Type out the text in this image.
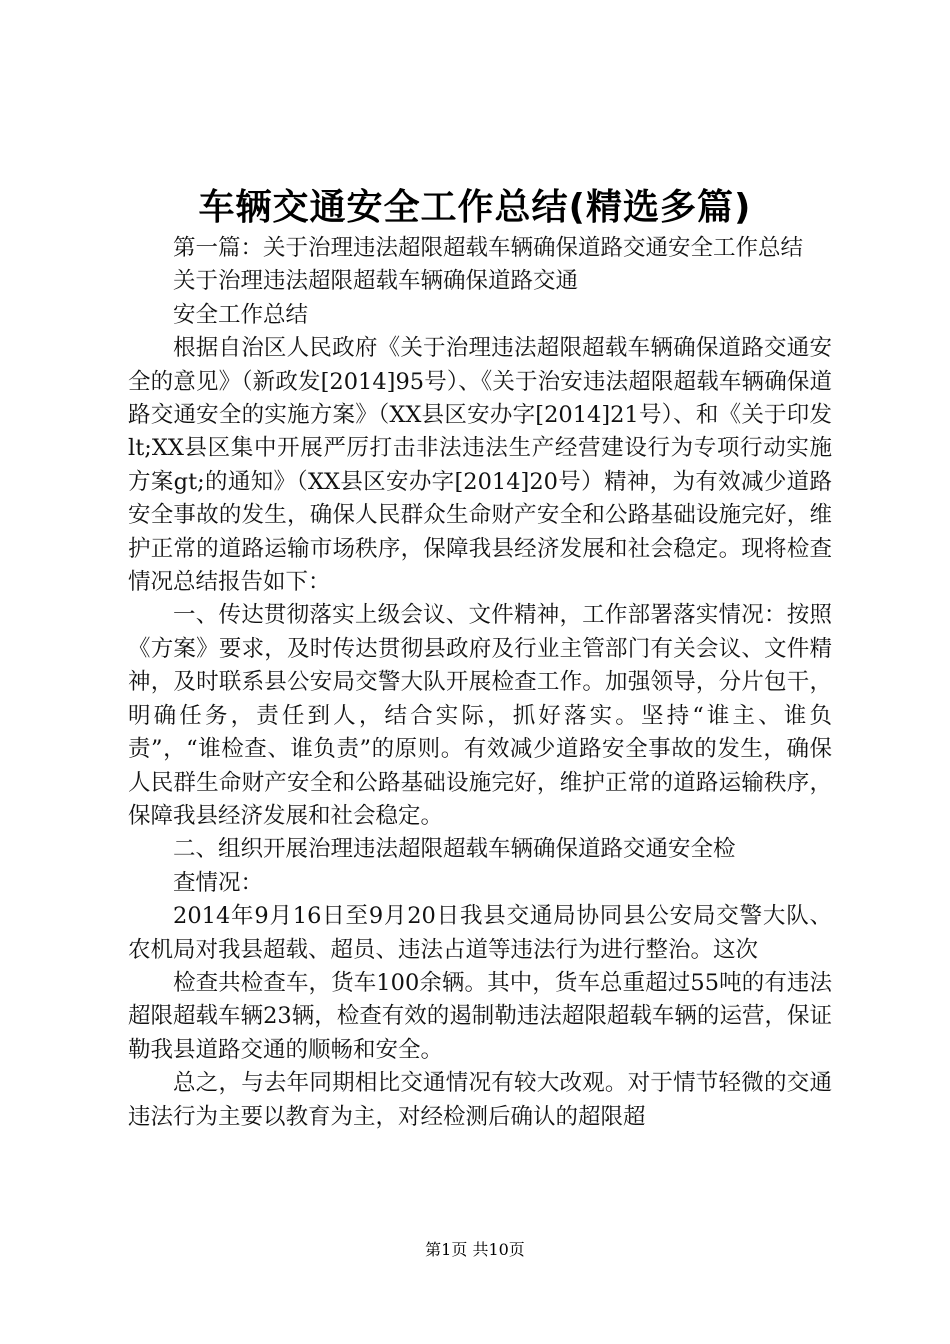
车辆交通安全工作总结(精选多篇)

第一篇：关于治理违法超限超载车辆确保道路交通安全工作总结

关于治理违法超限超载车辆确保道路交通

安全工作总结

根据自治区人民政府《关于治理违法超限超载车辆确保道路交通安全的意见》（新政发[2014]95号）、《关于治安违法超限超载车辆确保道路交通安全的实施方案》（XX县区安办字[2014]21号）、和《关于印发lt;XX县区集中开展严厉打击非法违法生产经营建设行为专项行动实施方案gt;的通知》（XX县区安办字[2014]20号）精神，为有效减少道路安全事故的发生，确保人民群众生命财产安全和公路基础设施完好，维护正常的道路运输市场秩序，保障我县经济发展和社会稳定。现将检查情况总结报告如下：

一、传达贯彻落实上级会议、文件精神，工作部署落实情况：按照《方案》要求，及时传达贯彻县政府及行业主管部门有关会议、文件精神，及时联系县公安局交警大队开展检查工作。加强领导，分片包干，明确任务，责任到人，结合实际，抓好落实。坚持“谁主、谁负责”，“谁检查、谁负责”的原则。有效减少道路安全事故的发生，确保人民群生命财产安全和公路基础设施完好，维护正常的道路运输秩序，保障我县经济发展和社会稳定。

二、组织开展治理违法超限超载车辆确保道路交通安全检

查情况：

2014年9月16日至9月20日我县交通局协同县公安局交警大队、农机局对我县超载、超员、违法占道等违法行为进行整治。这次

检查共检查车，货车100余辆。其中，货车总重超过55吨的有违法超限超载车辆23辆，检查有效的遏制勒违法超限超载车辆的运营，保证勒我县道路交通的顺畅和安全。

总之，与去年同期相比交通情况有较大改观。对于情节轻微的交通违法行为主要以教育为主，对经检测后确认的超限超

第1页 共10页
